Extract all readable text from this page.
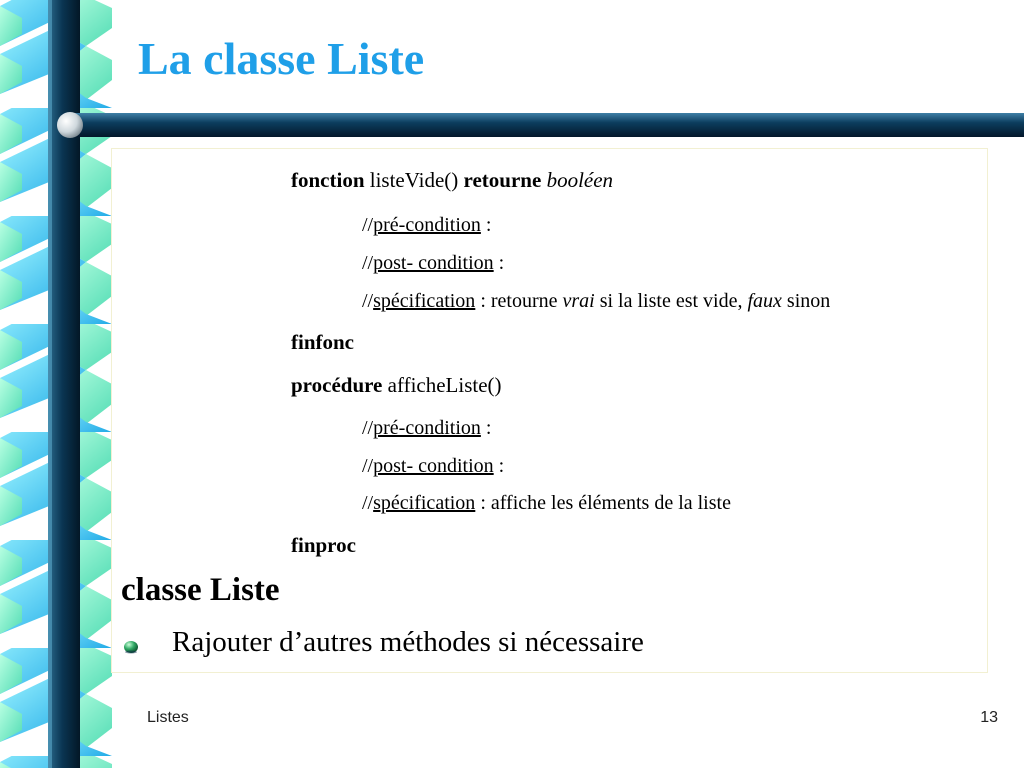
La classe Liste
fonction listeVide() retourne booléen
//pré-condition :
//post- condition :
//spécification : retourne vrai si la liste est vide, faux sinon
finfonc
procédure afficheListe()
//pré-condition :
//post- condition :
//spécification : affiche les éléments de la liste
finproc
classe Liste
Rajouter d’autres méthodes si nécessaire
Listes	13
